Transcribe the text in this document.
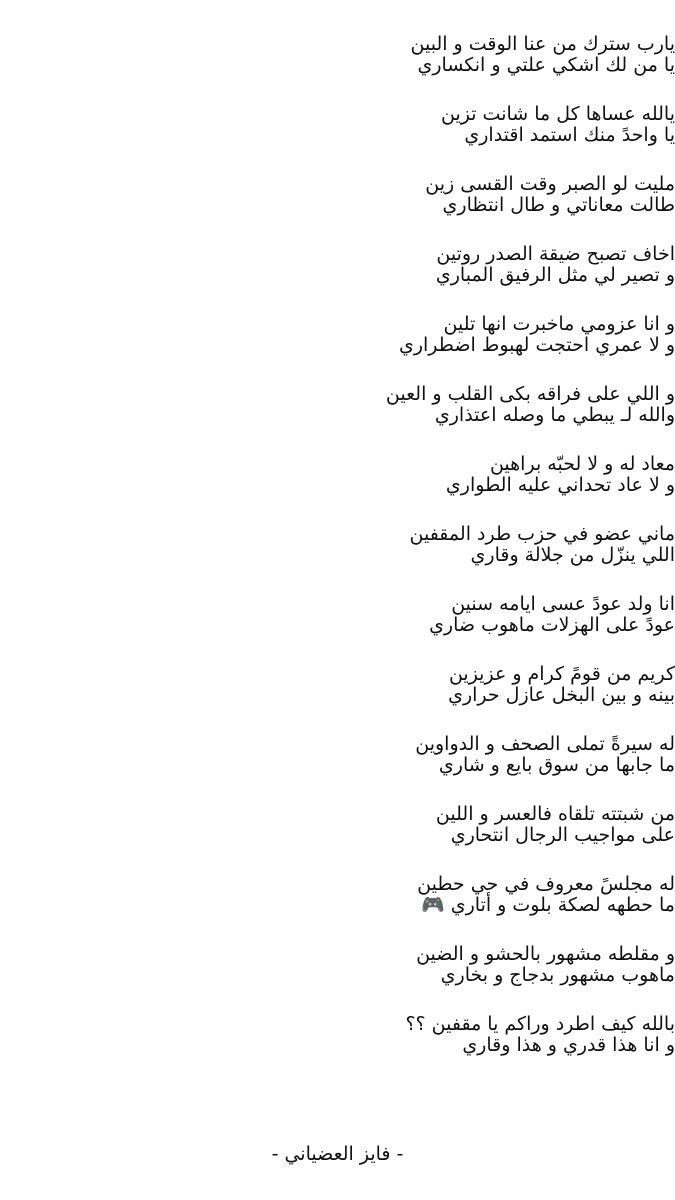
يارب سترك من عنا الوقت و البين
يا من لك اشكي علتي و انكساري
يالله عساها كل ما شانت تزين
يا واحدً منك استمد اقتداري
مليت لو الصبر وقت القسى زين
طالت معاناتي و طال انتظاري
اخاف تصبح ضيقة الصدر روتين
و تصير لي مثل الرفيق المباري
و انا عزومي ماخبرت انها تلين
و لا عمري احتجت لهبوط اضطراري
و اللي على فراقه بكى القلب و العين
والله لـ يبطي ما وصله اعتذاري
معاد له و لا لحبّه براهين
و لا عاد تحداني عليه الطواري
ماني عضو في حزب طرد المقفين
اللي ينزّل من جلالة وقاري
انا ولد عودً عسى ايامه سنين
عودً على الهزلات ماهوب ضاري
كريم من قومً كرام و عزيزين
بينه و بين البخل عازل حراري
له سيرةً تملى الصحف و الدواوين
ما جابها من سوق بايع و شاري
من شبتته تلقاه فالعسر و اللين
على مواجيب الرجال انتحاري
له مجلسً معروف في حي حطين
ما حطهه لصكة بلوت و أتاري 🎮
و مقلطه مشهور بالحشو و الضين
ماهوب مشهور بدجاج و بخاري
بالله كيف اطرد وراكم يا مقفين ؟؟
و انا هذا قدري و هذا وقاري
- فايز العضياني -
